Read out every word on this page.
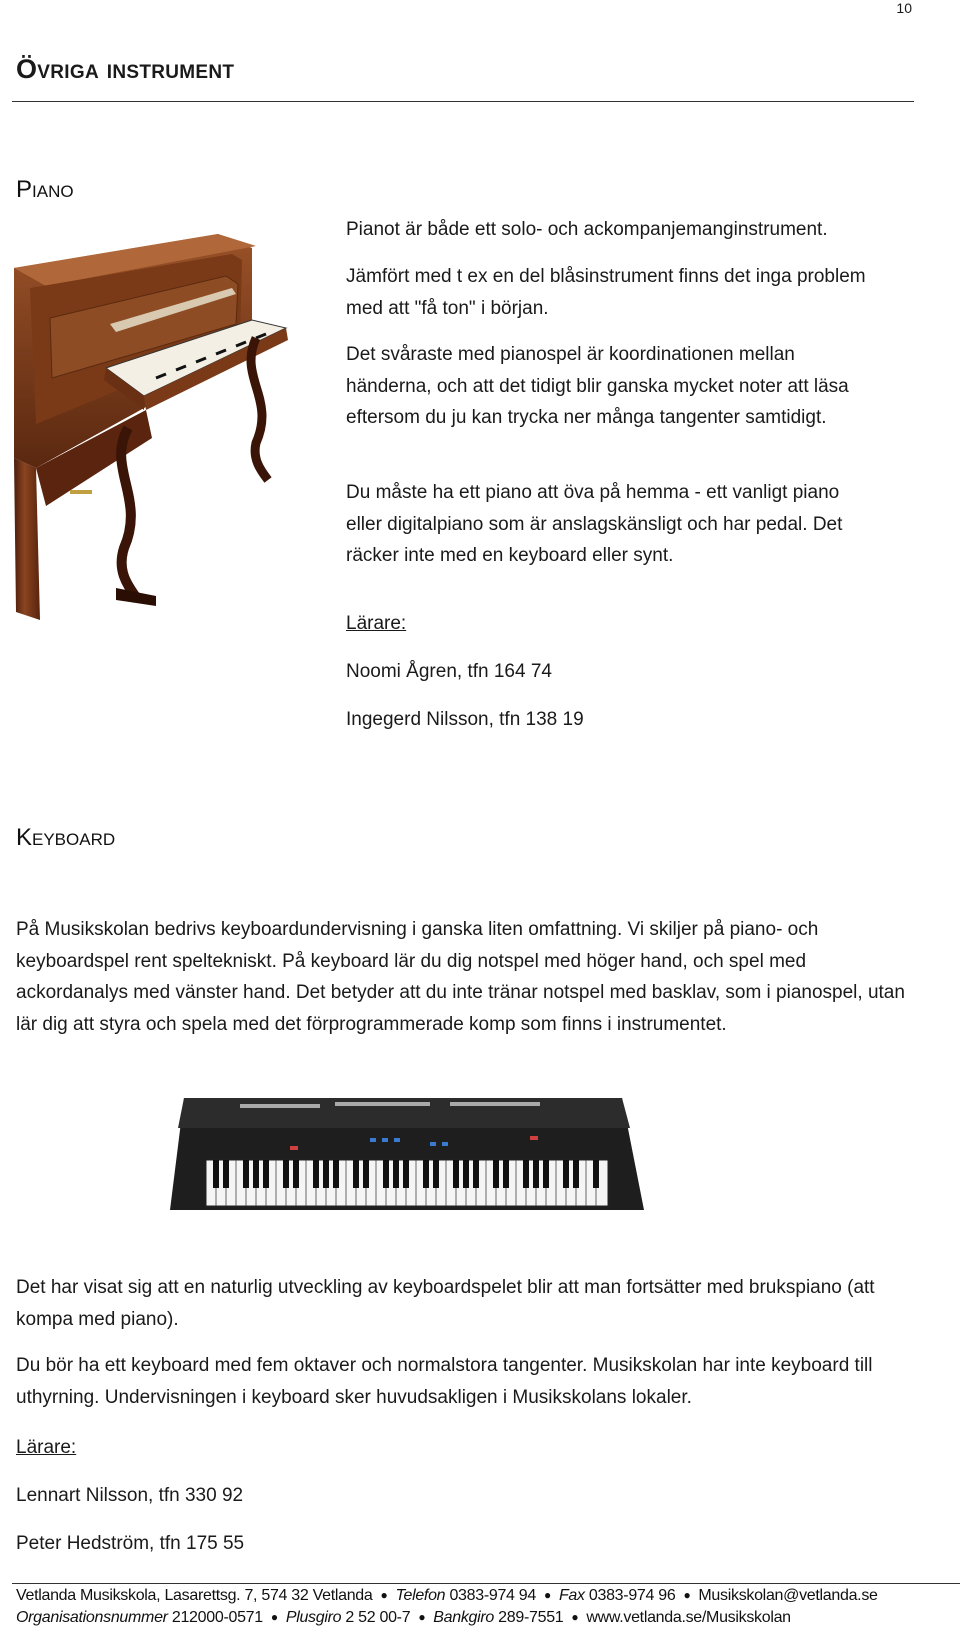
10
Övriga instrument
Piano

Pianot är både ett solo- och ackompanjemanginstrument.

Jämfört med t ex en del blåsinstrument finns det inga problem med att "få ton" i början.

Det svåraste med pianospel är koordinationen mellan händerna, och att det tidigt blir ganska mycket noter att läsa eftersom du ju kan trycka ner många tangenter samtidigt.

Du måste ha ett piano att öva på hemma - ett vanligt piano eller digitalpiano som är anslagskänsligt och har pedal. Det räcker inte med en keyboard eller synt.

Lärare:

Noomi Ågren, tfn 164 74

Ingegerd Nilsson, tfn 138 19

Keyboard

På Musikskolan bedrivs keyboardundervisning i ganska liten omfattning. Vi skiljer på piano- och keyboardspel rent speltekniskt. På keyboard lär du dig notspel med höger hand, och spel med ackordanalys med vänster hand. Det betyder att du inte tränar notspel med basklav, som i pianospel, utan lär dig att styra och spela med det förprogrammerade komp som finns i instrumentet.

Det har visat sig att en naturlig utveckling av keyboardspelet blir att man fortsätter med brukspiano (att kompa med piano).

Du bör ha ett keyboard med fem oktaver och normalstora tangenter. Musikskolan har inte keyboard till uthyrning. Undervisningen i keyboard sker huvudsakligen i Musikskolans lokaler.

Lärare:

Lennart Nilsson, tfn 330 92

Peter Hedström, tfn 175 55

Vetlanda Musikskola, Lasarettsg. 7, 574 32 Vetlanda ● Telefon 0383-974 94 ● Fax 0383-974 96 ● Musikskolan@vetlanda.se
Organisationsnummer 212000-0571 ● Plusgiro 2 52 00-7 ● Bankgiro 289-7551 ● www.vetlanda.se/Musikskolan
